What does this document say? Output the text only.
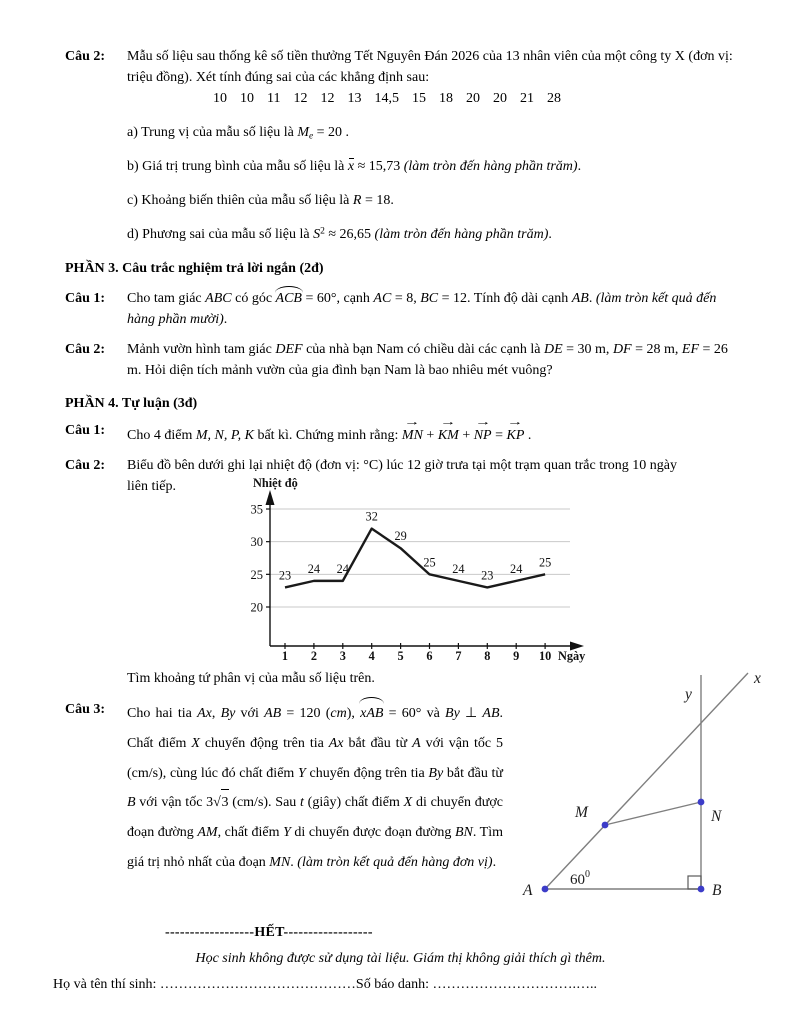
Câu 2:	Mẫu số liệu sau thống kê số tiền thưởng Tết Nguyên Đán 2026 của 13 nhân viên của một công ty X (đơn vị: triệu đồng). Xét tính đúng sai của các khẳng định sau:
10 10 11 12 12 13 14,5 15 18 20 20 21 28
a) Trung vị của mẫu số liệu là $M_e = 20$ .
b) Giá trị trung bình của mẫu số liệu là x ≈ 15,73 (làm tròn đến hàng phần trăm).
c) Khoảng biến thiên của mẫu số liệu là R = 18.
d) Phương sai của mẫu số liệu là $S^2 \approx 26,65$ (làm tròn đến hàng phần trăm).
PHẦN 3. Câu trắc nghiệm trả lời ngắn (2đ)
Câu 1:	Cho tam giác ABC có góc ACB = 60°, cạnh AC = 8, BC = 12. Tính độ dài cạnh AB. (làm tròn kết quả đến hàng phần mười).
Câu 2:	Mảnh vườn hình tam giác DEF của nhà bạn Nam có chiều dài các cạnh là DE = 30 m, DF = 28 m, EF = 26 m. Hỏi diện tích mảnh vườn của gia đình bạn Nam là bao nhiêu mét vuông?
PHẦN 4. Tự luận (3đ)
Câu 1:	Cho 4 điểm M, N, P, K bất kì. Chứng minh rằng: → MN + → KM + → NP = → KP .
Câu 2:	Biểu đồ bên dưới ghi lại nhiệt độ (đơn vị: °C) lúc 12 giờ trưa tại một trạm quan trắc trong 10 ngày
liên tiếp.
35
30
25
20
Nhiệt độ
Ngày
1
23
2
24
3
24
4
32
5
29
6
25
7
24
8
23
9
24
10
25
Tìm khoảng tứ phân vị của mẫu số liệu trên.
Câu 3:	Cho hai tia Ax, By với AB = 120 (cm), xAB = 60° và By ⊥ AB. Chất điểm X chuyển động trên tia Ax bắt đầu từ A với vận tốc 5 (cm/s), cùng lúc đó chất điểm Y chuyển động trên tia By bắt đầu từ B với vận tốc 3 √ 3 (cm/s). Sau t (giây) chất điểm X di chuyển được đoạn đường AM, chất điểm Y di chuyển được đoạn đường BN. Tìm giá trị nhỏ nhất của đoạn MN. (làm tròn kết quả đến hàng đơn vị).
A	B
M	N
x
y
$60^0$
------------------HẾT------------------
Học sinh không được sử dụng tài liệu. Giám thị không giải thích gì thêm.
Họ và tên thí sinh: ……………………………………Số báo danh: ………………………….…..
